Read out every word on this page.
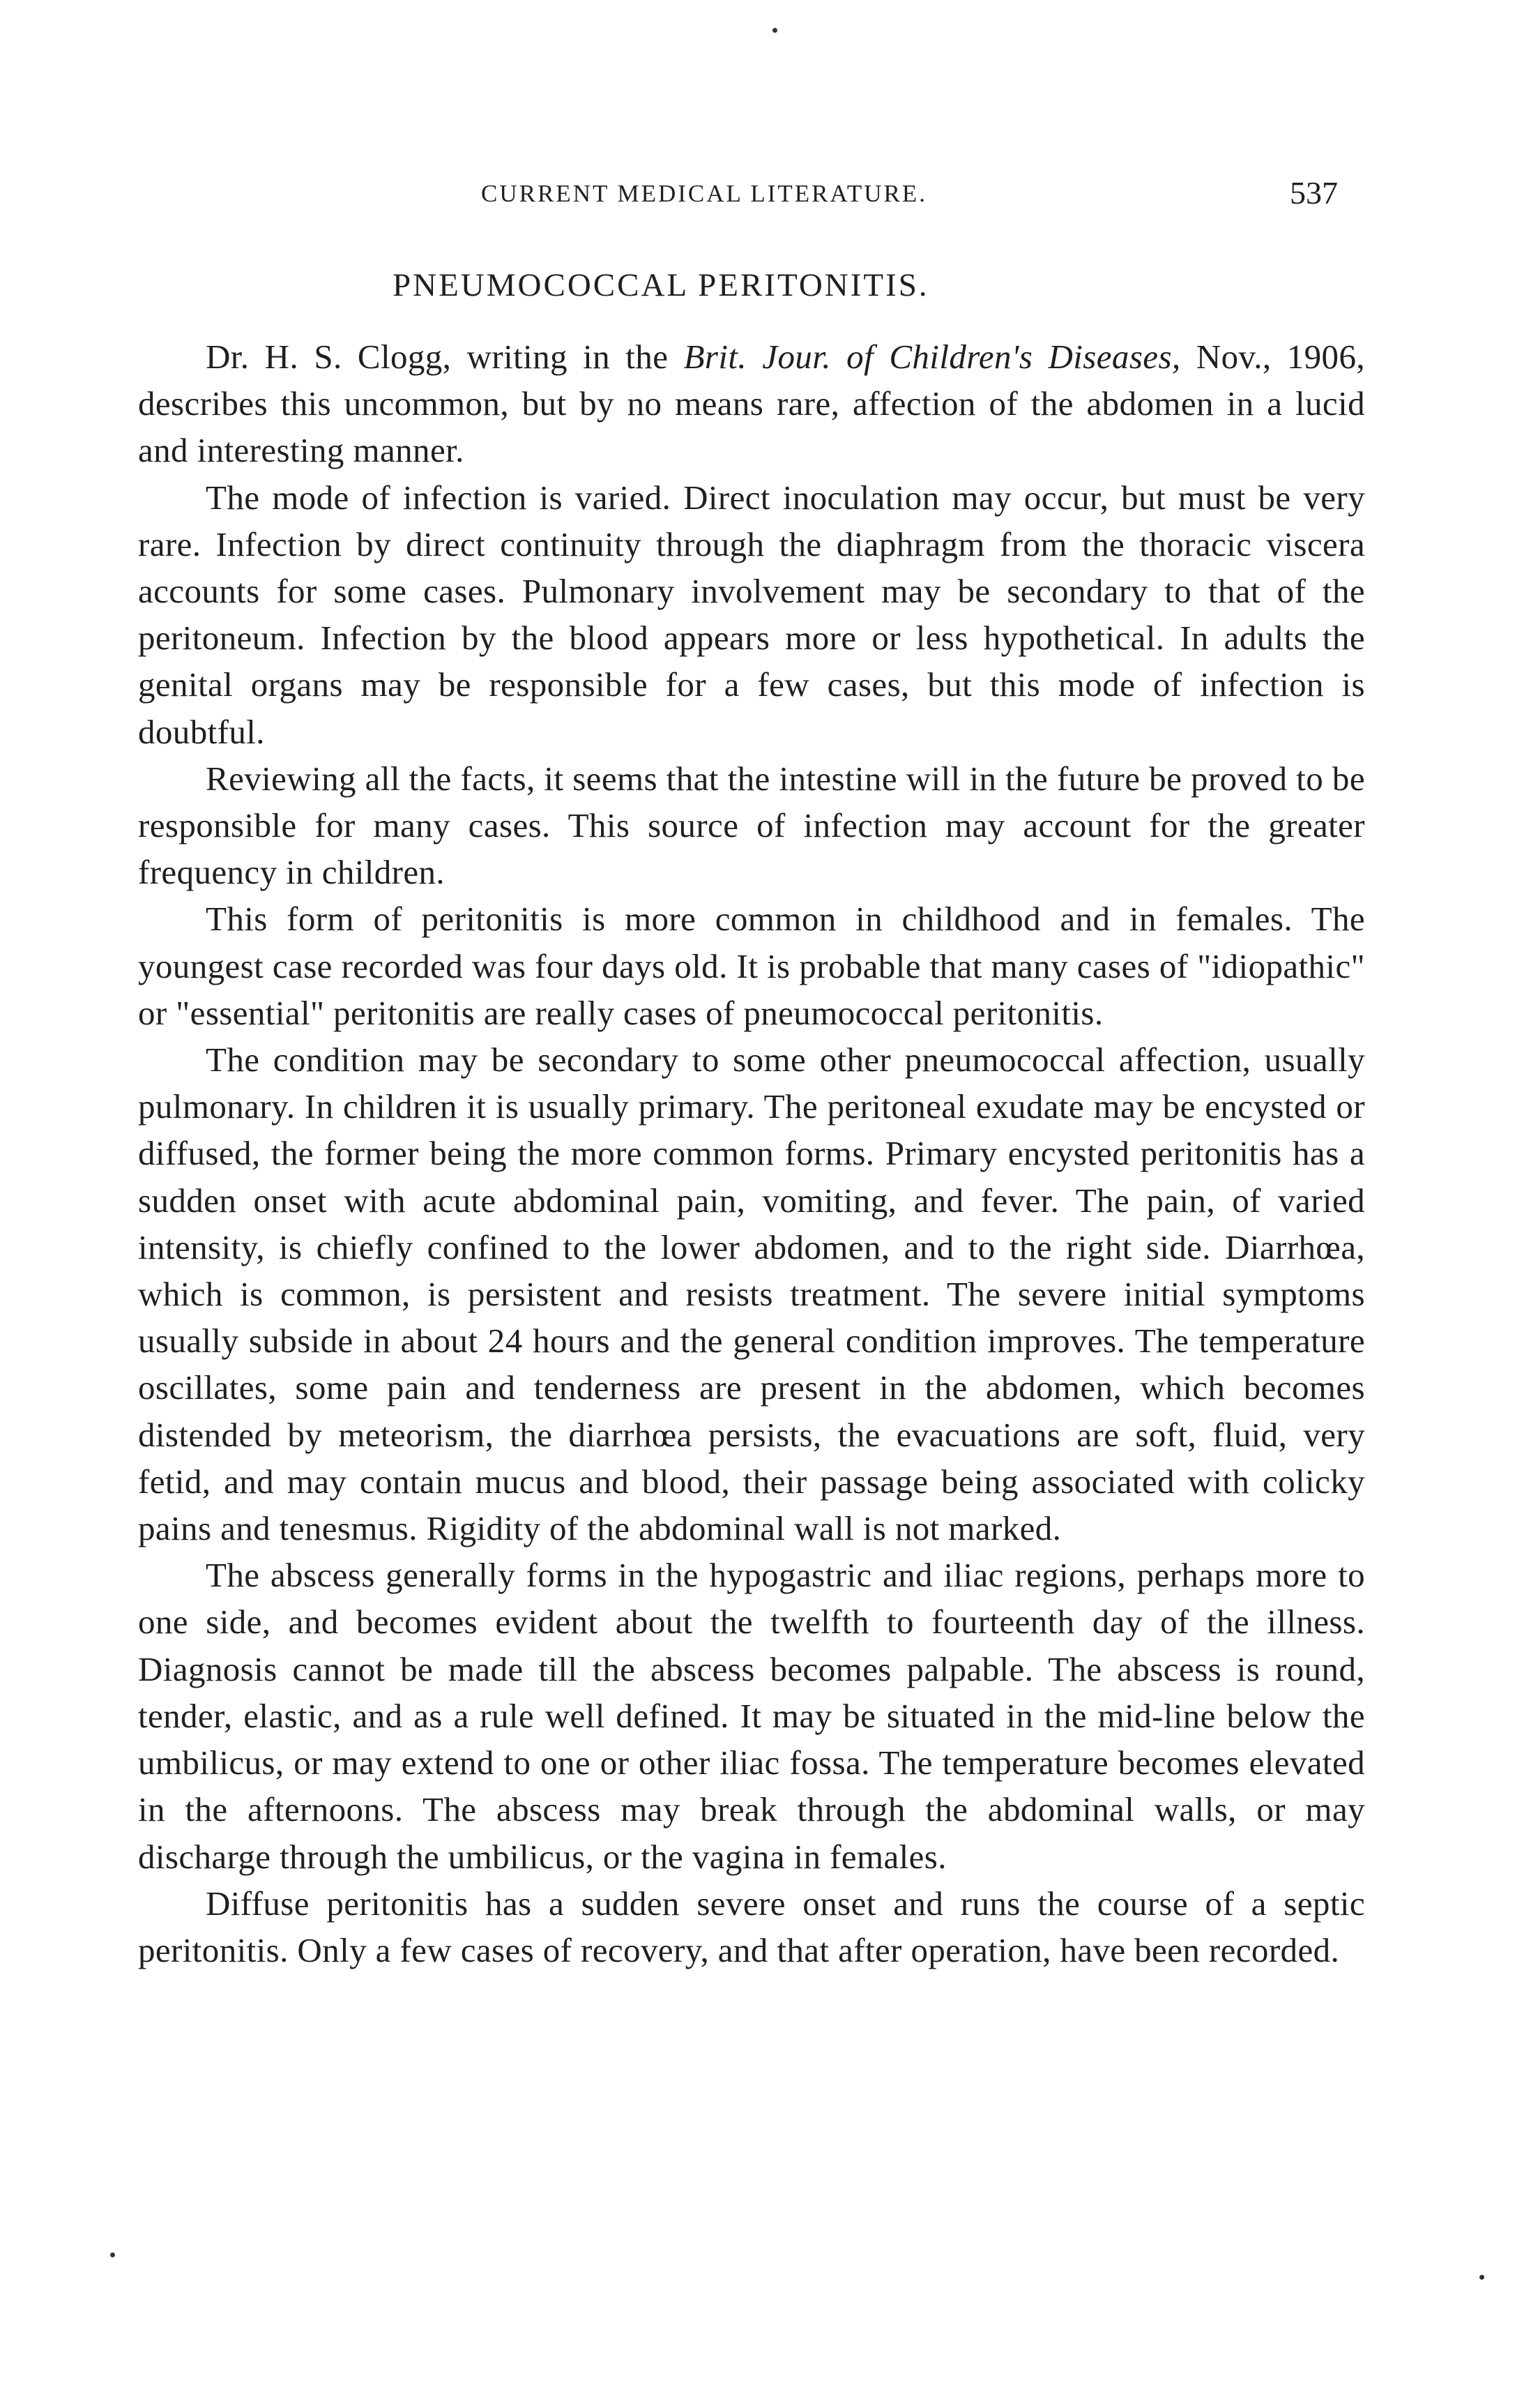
CURRENT MEDICAL LITERATURE.	537
PNEUMOCOCCAL PERITONITIS.

Dr. H. S. Clogg, writing in the Brit. Jour. of Children's Diseases, Nov., 1906, describes this uncommon, but by no means rare, affection of the abdomen in a lucid and interesting manner.

The mode of infection is varied. Direct inoculation may occur, but must be very rare. Infection by direct continuity through the diaphragm from the thoracic viscera accounts for some cases. Pulmonary involvement may be secondary to that of the peritoneum. Infection by the blood appears more or less hypothetical. In adults the genital organs may be responsible for a few cases, but this mode of infection is doubtful.

Reviewing all the facts, it seems that the intestine will in the future be proved to be responsible for many cases. This source of infection may account for the greater frequency in children.

This form of peritonitis is more common in childhood and in females. The youngest case recorded was four days old. It is probable that many cases of "idiopathic" or "essential" peritonitis are really cases of pneumococcal peritonitis.

The condition may be secondary to some other pneumococcal affection, usually pulmonary. In children it is usually primary. The peritoneal exudate may be encysted or diffused, the former being the more common forms. Primary encysted peritonitis has a sudden onset with acute abdominal pain, vomiting, and fever. The pain, of varied intensity, is chiefly confined to the lower abdomen, and to the right side. Diarrhœa, which is common, is persistent and resists treatment. The severe initial symptoms usually subside in about 24 hours and the general condition improves. The temperature oscillates, some pain and tenderness are present in the abdomen, which becomes distended by meteorism, the diarrhœa persists, the evacuations are soft, fluid, very fetid, and may contain mucus and blood, their passage being associated with colicky pains and tenesmus. Rigidity of the abdominal wall is not marked.

The abscess generally forms in the hypogastric and iliac regions, perhaps more to one side, and becomes evident about the twelfth to fourteenth day of the illness. Diagnosis cannot be made till the abscess becomes palpable. The abscess is round, tender, elastic, and as a rule well defined. It may be situated in the mid-line below the umbilicus, or may extend to one or other iliac fossa. The temperature becomes elevated in the afternoons. The abscess may break through the abdominal walls, or may discharge through the umbilicus, or the vagina in females.

Diffuse peritonitis has a sudden severe onset and runs the course of a septic peritonitis. Only a few cases of recovery, and that after operation, have been recorded.
